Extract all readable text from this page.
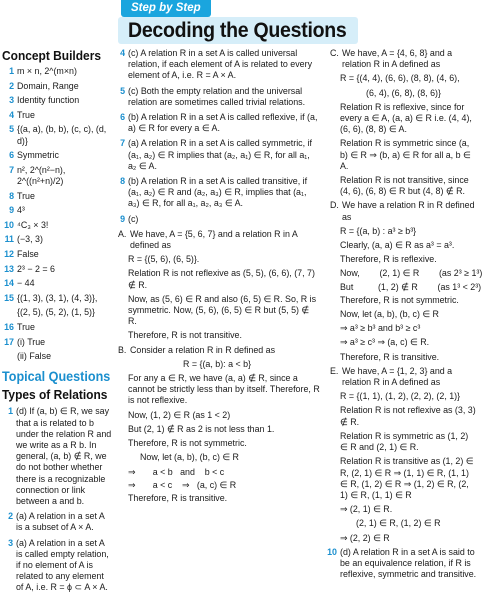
Step by Step
Decoding the Questions
Concept Builders
1 m × n, 2^(m×n)
2 Domain, Range
3 Identity function
4 True
5 {(a, a), (b, b), (c, c), (d, d)}
6 Symmetric
7 n², 2^(n²−n), 2^((n²+n)/2)
8 True
9 4³
10 ⁴C₃ × 3!
11 (−3, 3)
12 False
13 2³ − 2 = 6
14 − 44
15 {(1, 3), (3, 1), (4, 3)},
{(2, 5), (5, 2), (1, 5)}
16 True
17 (i) True
(ii) False
Topical Questions
Types of Relations
1 (d) If (a, b) ∈ R, we say that a is related to b under the relation R and we write as a R b. In general, (a, b) ∉ R, we do not bother whether there is a recognizable connection or link between a and b.
2 (a) A relation in a set A is a subset of A × A.
3 (a) A relation in a set A is called empty relation, if no element of A is related to any element of A, i.e. R = ϕ ⊂ A × A.
4 (c) A relation R in a set A is called universal relation, if each element of A is related to every element of A, i.e. R = A × A.
5 (c) Both the empty relation and the universal relation are sometimes called trivial relations.
6 (b) A relation R in a set A is called reflexive, if (a, a) ∈ R for every a ∈ A.
7 (a) A relation R in a set A is called symmetric, if (a₁, a₂) ∈ R implies that (a₂, a₁) ∈ R, for all a₁, a₂ ∈ A.
8 (b) A relation R in a set A is called transitive, if (a₁, a₂) ∈ R and (a₂, a₃) ∈ R, implies that (a₁, a₃) ∈ R, for all a₁, a₂, a₃ ∈ A.
9 (c)
A. We have, A = {5, 6, 7} and a relation R in A defined as
R = {(5, 6), (6, 5)}.
Relation R is not reflexive as (5, 5), (6, 6), (7, 7) ∉ R.
Now, as (5, 6) ∈ R and also (6, 5) ∈ R. So, R is symmetric. Now, (5, 6), (6, 5) ∈ R but (5, 5) ∉ R.
Therefore, R is not transitive.
B. Consider a relation R in R defined as
R = {(a, b): a < b}
For any a ∈ R, we have (a, a) ∉ R, since a cannot be strictly less than by itself. Therefore, R is not reflexive.
Now, (1, 2) ∈ R (as 1 < 2)
But (2, 1) ∉ R as 2 is not less than 1.
Therefore, R is not symmetric.
Now, let (a, b), (b, c) ∈ R
⇒       a < b   and    b < c
⇒       a < c    ⇒   (a, c) ∈ R
Therefore, R is transitive.
C. We have, A = {4, 6, 8} and a relation R in A defined as
R = {(4, 4), (6, 6), (8, 8), (4, 6),
(6, 4), (6, 8), (8, 6)}
Relation R is reflexive, since for every a ∈ A, (a, a) ∈ R i.e. (4, 4), (6, 6), (8, 8) ∈ A.
Relation R is symmetric since (a, b) ∈ R ⇒ (b, a) ∈ R for all a, b ∈ A.
Relation R is not transitive, since (4, 6), (6, 8) ∈ R but (4, 8) ∉ R.
D. We have a relation R in R defined as
R = {(a, b) : a³ ≥ b³}
Clearly, (a, a) ∈ R as a³ = a³.
Therefore, R is reflexive.
Now,        (2, 1) ∈ R        (as 2³ ≥ 1³)
But          (1, 2) ∉ R        (as 1³ < 2³)
Therefore, R is not symmetric.
Now, let (a, b), (b, c) ∈ R
⇒ a³ ≥ b³ and b³ ≥ c³
⇒ a³ ≥ c³ ⇒ (a, c) ∈ R.
Therefore, R is transitive.
E. We have, A = {1, 2, 3} and a relation R in A defined as
R = {(1, 1), (1, 2), (2, 2), (2, 1)}
Relation R is not reflexive as (3, 3) ∉ R.
Relation R is symmetric as (1, 2) ∈ R and (2, 1) ∈ R.
Relation R is transitive as (1, 2) ∈ R, (2, 1) ∈ R ⇒ (1, 1) ∈ R, (1, 1) ∈ R, (1, 2) ∈ R ⇒ (1, 2) ∈ R, (2, 1) ∈ R, (1, 1) ∈ R
⇒ (2, 1) ∈ R.
(2, 1) ∈ R, (1, 2) ∈ R
⇒ (2, 2) ∈ R
10 (d) A relation R in a set A is said to be an equivalence relation, if R is reflexive, symmetric and transitive.
